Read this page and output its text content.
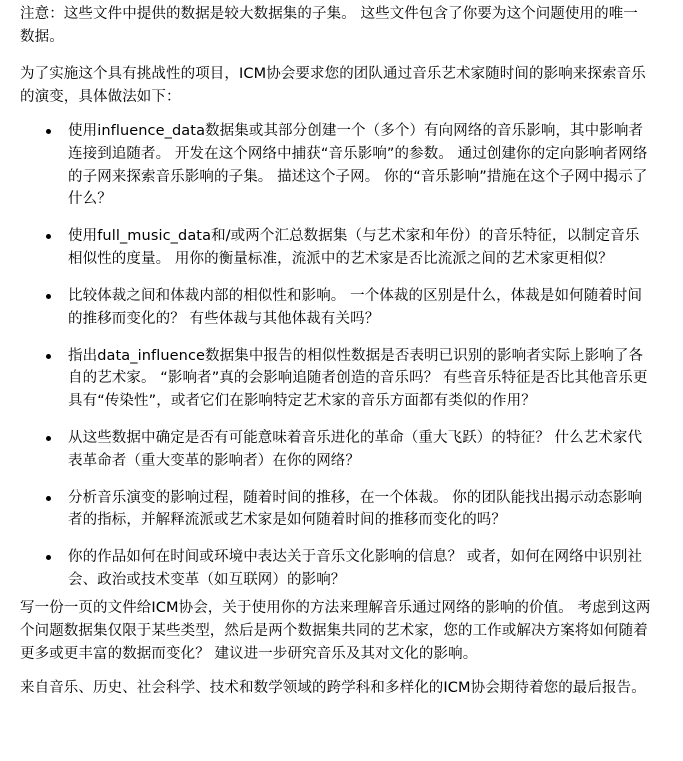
注意：这些文件中提供的数据是较大数据集的子集。 这些文件包含了你要为这个问题使用的唯一数据。

为了实施这个具有挑战性的项目，ICM协会要求您的团队通过音乐艺术家随时间的影响来探索音乐的演变，具体做法如下：

使用influence_data数据集或其部分创建一个（多个）有向网络的音乐影响，其中影响者连接到追随者。 开发在这个网络中捕获“音乐影响”的参数。 通过创建你的定向影响者网络的子网来探索音乐影响的子集。 描述这个子网。 你的“音乐影响”措施在这个子网中揭示了什么？
使用full_music_data和/或两个汇总数据集（与艺术家和年份）的音乐特征，以制定音乐相似性的度量。 用你的衡量标准，流派中的艺术家是否比流派之间的艺术家更相似？
比较体裁之间和体裁内部的相似性和影响。 一个体裁的区别是什么，体裁是如何随着时间的推移而变化的？ 有些体裁与其他体裁有关吗？
指出data_influence数据集中报告的相似性数据是否表明已识别的影响者实际上影响了各自的艺术家。 “影响者”真的会影响追随者创造的音乐吗？ 有些音乐特征是否比其他音乐更具有“传染性”，或者它们在影响特定艺术家的音乐方面都有类似的作用？
从这些数据中确定是否有可能意味着音乐进化的革命（重大飞跃）的特征？ 什么艺术家代表革命者（重大变革的影响者）在你的网络？
分析音乐演变的影响过程，随着时间的推移，在一个体裁。 你的团队能找出揭示动态影响者的指标，并解释流派或艺术家是如何随着时间的推移而变化的吗？
你的作品如何在时间或环境中表达关于音乐文化影响的信息？ 或者，如何在网络中识别社会、政治或技术变革（如互联网）的影响？

写一份一页的文件给ICM协会，关于使用你的方法来理解音乐通过网络的影响的价值。 考虑到这两个问题数据集仅限于某些类型，然后是两个数据集共同的艺术家，您的工作或解决方案将如何随着更多或更丰富的数据而变化？ 建议进一步研究音乐及其对文化的影响。

来自音乐、历史、社会科学、技术和数学领域的跨学科和多样化的ICM协会期待着您的最后报告。
